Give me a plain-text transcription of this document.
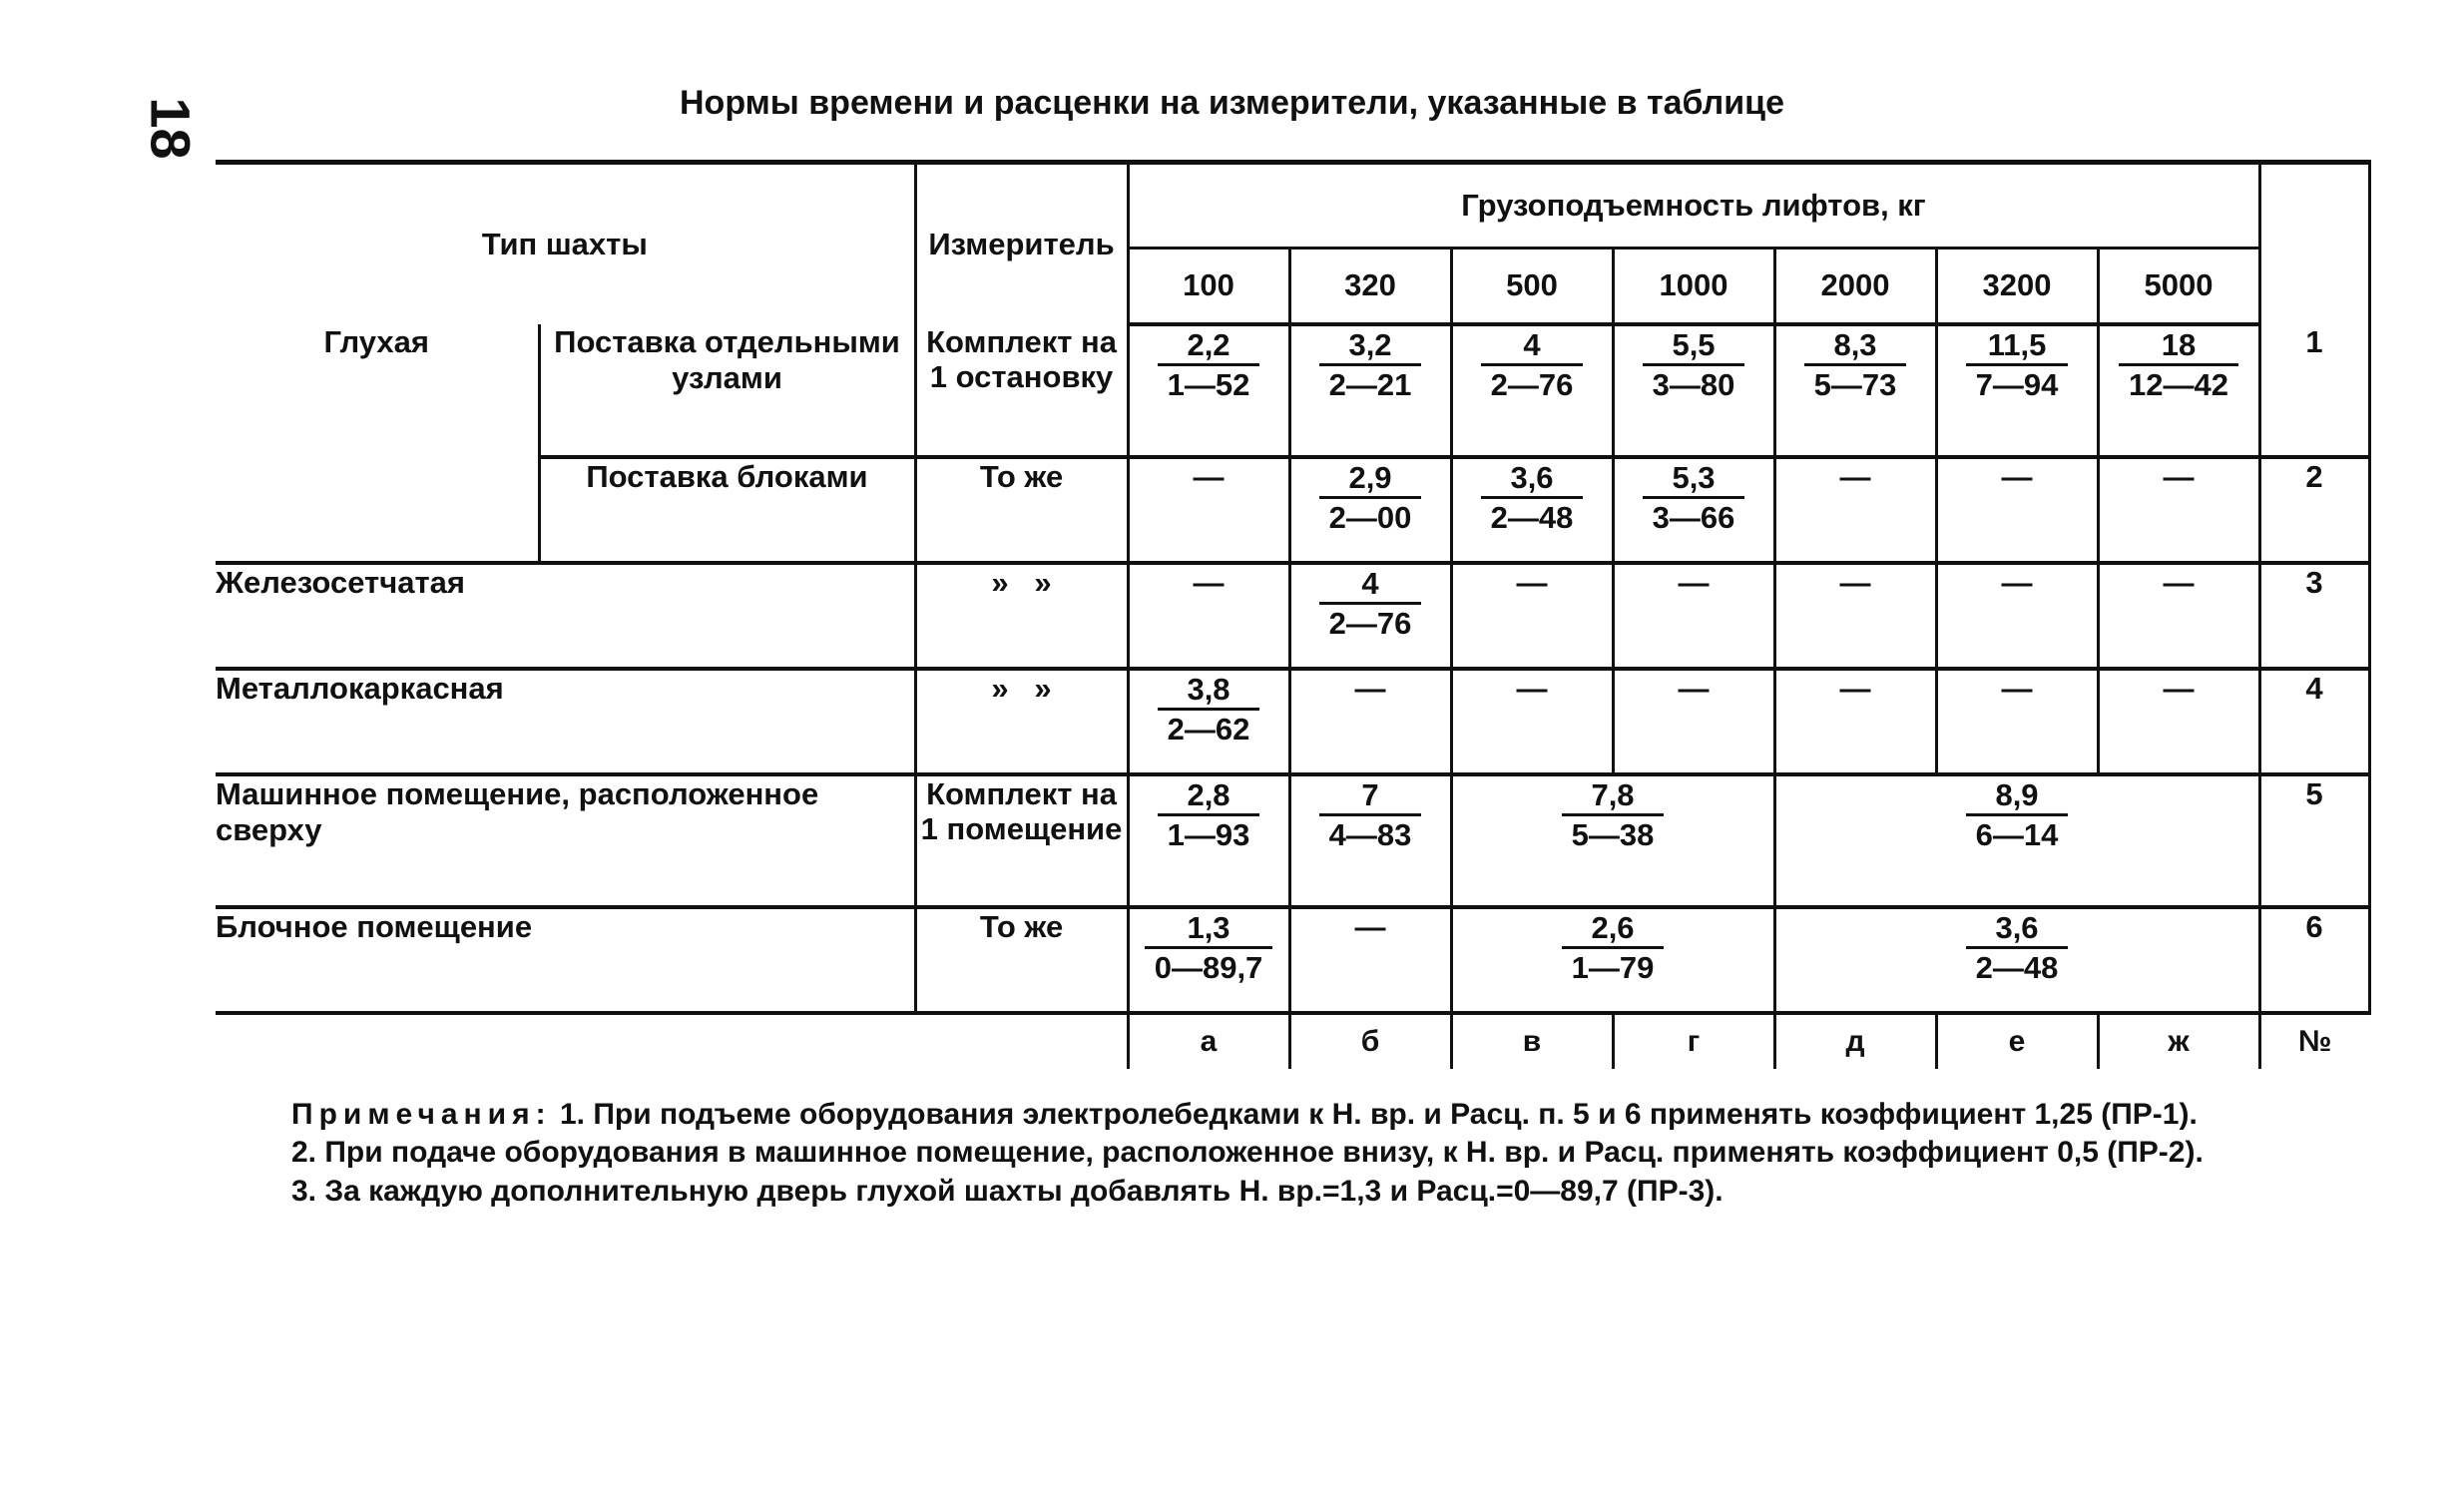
18	Нормы времени и расценки на измерители, указанные в таблице
Тип шахты		Измеритель	Грузоподъемность лифтов, кг							
			100	320	500	1000	2000	3200	5000	
Глухая	Поставка отдельными узлами	Комплект на 1 остановку	$\frac{2,2}{1—52}$	$\frac{3,2}{2—21}$	$\frac{4}{2—76}$	$\frac{5,5}{3—80}$	$\frac{8,3}{5—73}$	$\frac{11,5}{7—94}$	$\frac{18}{12—42}$	1
	Поставка блоками	То же	—	$\frac{2,9}{2—00}$	$\frac{3,6}{2—48}$	$\frac{5,3}{3—66}$	—	—	—	2
Железосетчатая		»   »	—	$\frac{4}{2—76}$	—	—	—	—	—	3
Металлокаркасная		»   »	$\frac{3,8}{2—62}$	—	—	—	—	—	—	4
Машинное помещение, расположенное сверху		Комплект на 1 помещение	$\frac{2,8}{1—93}$	$\frac{7}{4—83}$	$\frac{7,8}{5—38}$		$\frac{8,9}{6—14}$			5
Блочное помещение		То же	$\frac{1,3}{0—89,7}$	—	$\frac{2,6}{1—79}$		$\frac{3,6}{2—48}$			6
			а	б	в	г	д	е	ж	№

Примечания: 1. При подъеме оборудования электролебедками к Н. вр. и Расц. п. 5 и 6 применять коэффициент 1,25 (ПР-1).

2. При подаче оборудования в машинное помещение, расположенное внизу, к Н. вр. и Расц. применять коэффициент 0,5 (ПР-2).

3. За каждую дополнительную дверь глухой шахты добавлять Н. вр.=1,3 и Расц.=0—89,7 (ПР-3).
